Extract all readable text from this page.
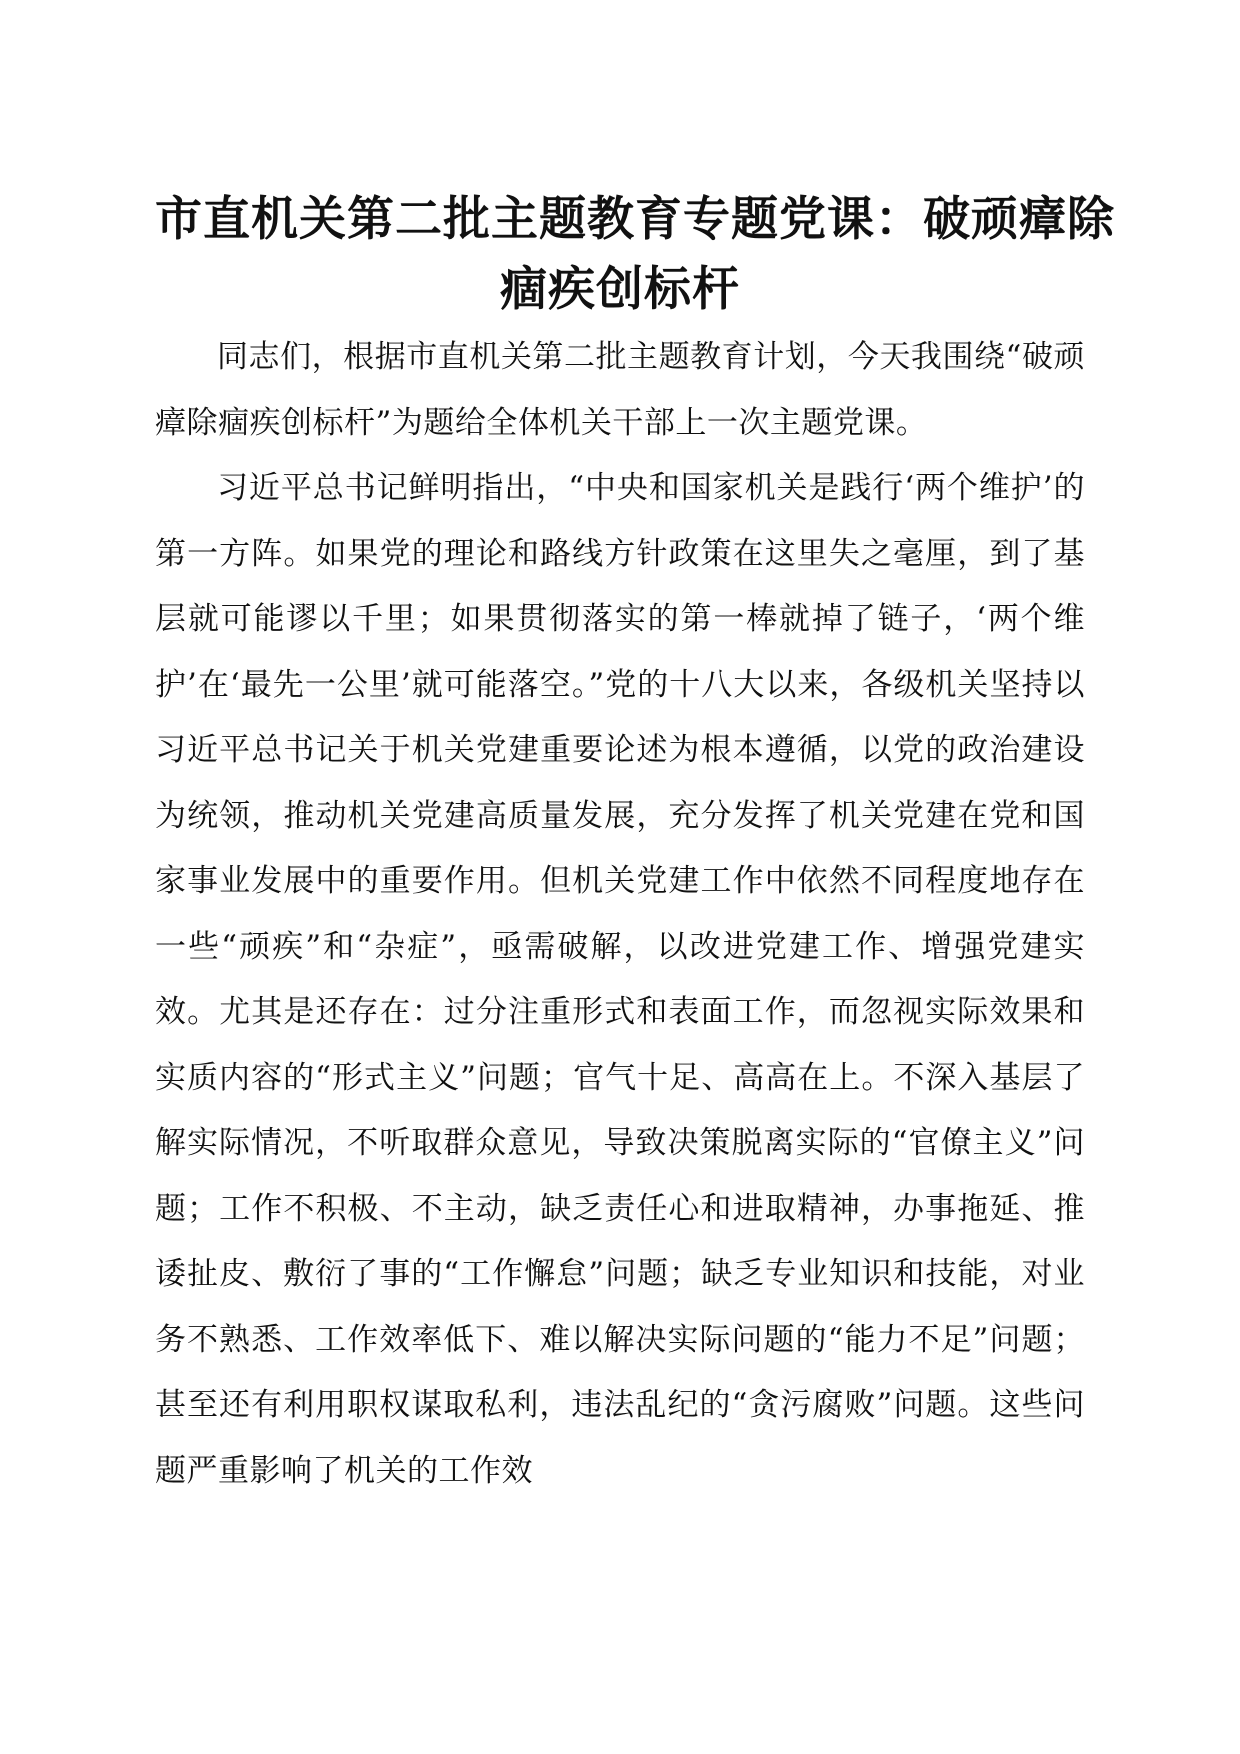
市直机关第二批主题教育专题党课：破顽瘴除
痼疾创标杆

同志们，根据市直机关第二批主题教育计划，今天我围绕“破顽瘴除痼疾创标杆”为题给全体机关干部上一次主题党课。

习近平总书记鲜明指出，“中央和国家机关是践行‘两个维护’的第一方阵。如果党的理论和路线方针政策在这里失之毫厘，到了基层就可能谬以千里；如果贯彻落实的第一棒就掉了链子，‘两个维护’在‘最先一公里’就可能落空。”党的十八大以来，各级机关坚持以习近平总书记关于机关党建重要论述为根本遵循，以党的政治建设为统领，推动机关党建高质量发展，充分发挥了机关党建在党和国家事业发展中的重要作用。但机关党建工作中依然不同程度地存在一些“顽疾”和“杂症”，亟需破解，以改进党建工作、增强党建实效。尤其是还存在：过分注重形式和表面工作，而忽视实际效果和实质内容的“形式主义”问题；官气十足、高高在上。不深入基层了解实际情况，不听取群众意见，导致决策脱离实际的“官僚主义”问题；工作不积极、不主动，缺乏责任心和进取精神，办事拖延、推诿扯皮、敷衍了事的“工作懈怠”问题；缺乏专业知识和技能，对业务不熟悉、工作效率低下、难以解决实际问题的“能力不足”问题；甚至还有利用职权谋取私利，违法乱纪的“贪污腐败”问题。这些问题严重影响了机关的工作效
